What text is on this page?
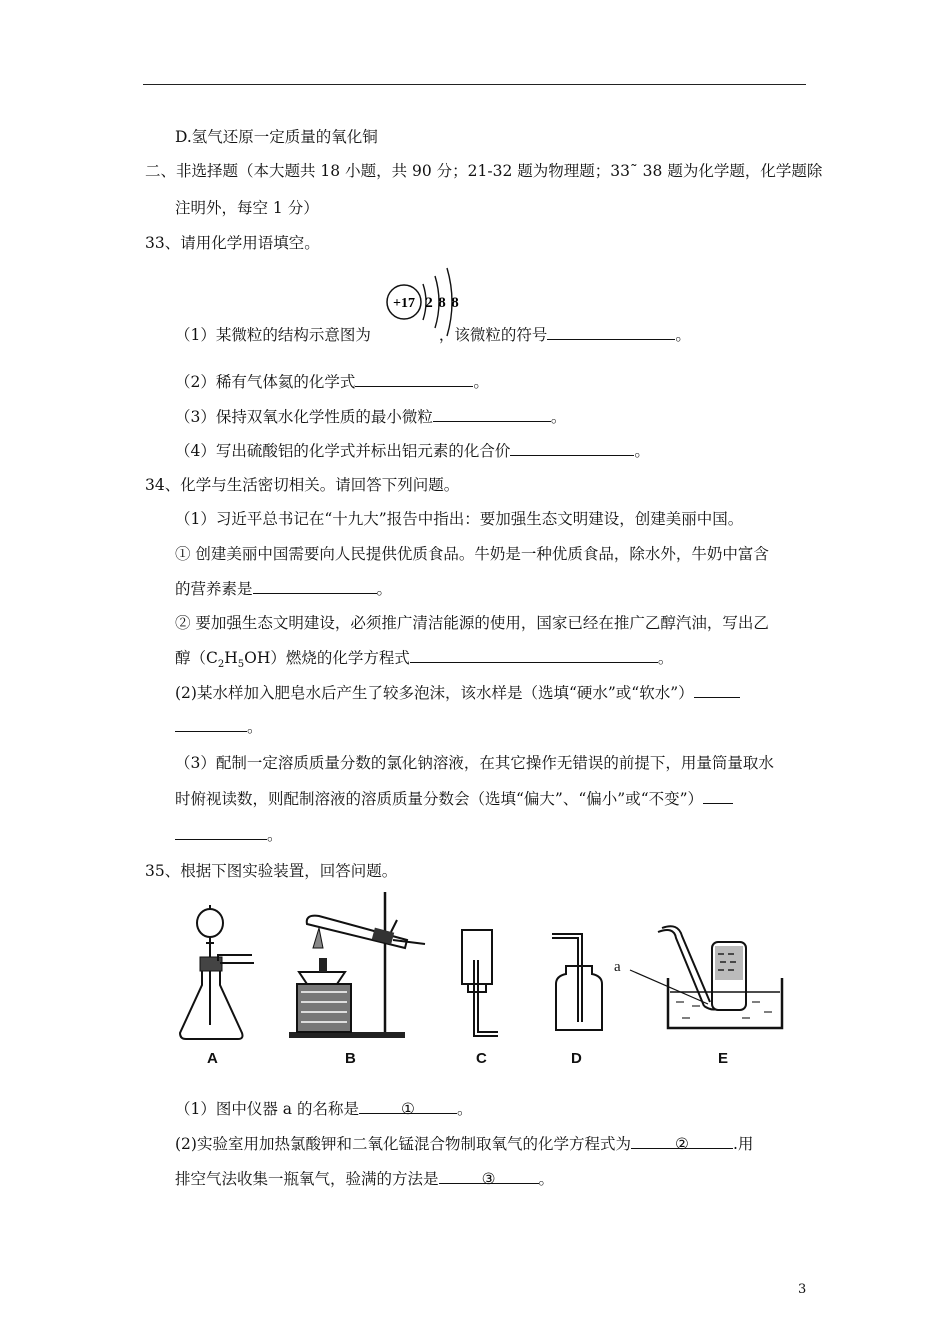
D.氢气还原一定质量的氧化铜
二、非选择题（本大题共 18 小题，共 90 分；21-32 题为物理题；33˜ 38 题为化学题，化学题除
注明外，每空 1 分）
33、请用化学用语填空。
+17 2 8 8
（1）某微粒的结构示意图为	，该微粒的符号	。
（2）稀有气体氦的化学式	。
（3）保持双氧水化学性质的最小微粒	。
（4）写出硫酸铝的化学式并标出铝元素的化合价	。
34、化学与生活密切相关。请回答下列问题。
（1）习近平总书记在“十九大”报告中指出：要加强生态文明建设，创建美丽中国。
① 创建美丽中国需要向人民提供优质食品。牛奶是一种优质食品，除水外，牛奶中富含
的营养素是	。
② 要加强生态文明建设，必须推广清洁能源的使用，国家已经在推广乙醇汽油，写出乙
醇$(C_2H_5OH)$燃烧的化学方程式	。
(2)某水样加入肥皂水后产生了较多泡沫，该水样是（选填“硬水”或“软水”）
。
（3）配制一定溶质质量分数的氯化钠溶液，在其它操作无错误的前提下，用量筒量取水
时俯视读数，则配制溶液的溶质质量分数会（选填“偏大”、“偏小”或“不变”）
。
35、根据下图实验装置，回答问题。
a
A	B	C	D	E
（1）图中仪器 a 的名称是	①	。
(2)实验室用加热氯酸钾和二氧化锰混合物制取氧气的化学方程式为	②	.用
排空气法收集一瓶氧气，验满的方法是	③	。
3
